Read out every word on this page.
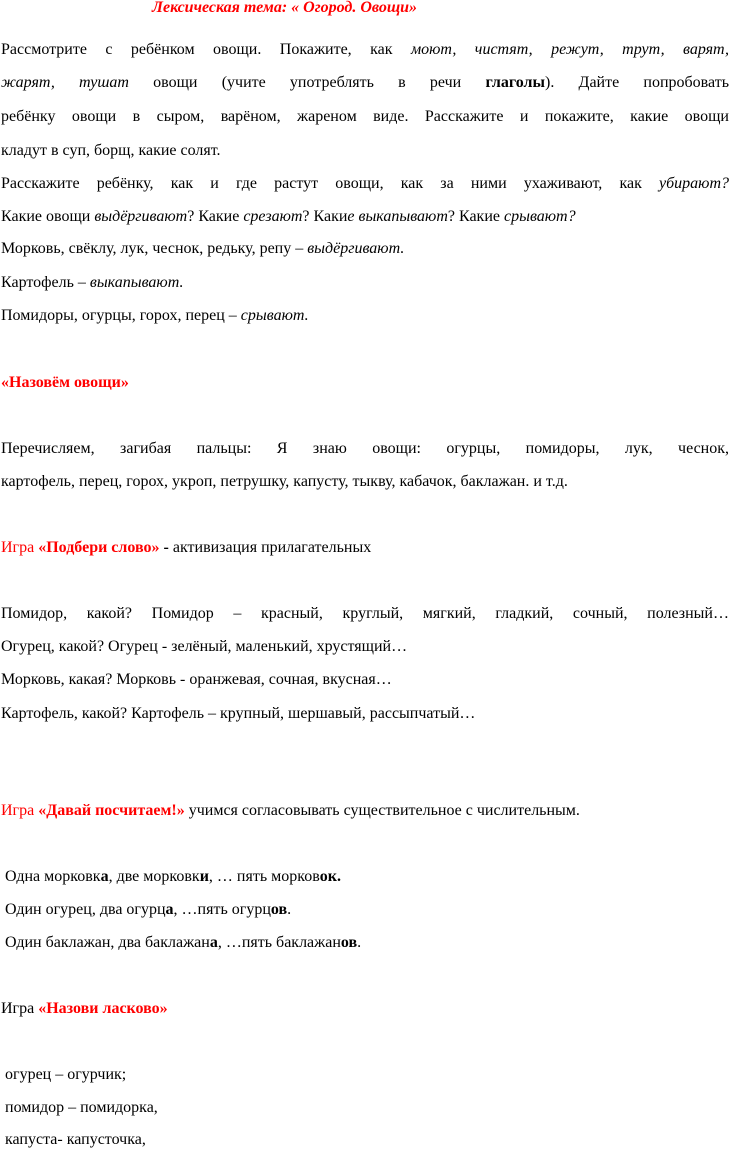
Лексическая тема: « Огород. Овощи»
Рассмотрите с ребёнком овощи. Покажите, как моют, чистят, режут, трут, варят,
жарят, тушат овощи (учите употреблять в речи глаголы). Дайте попробовать
ребёнку овощи в сыром, варёном, жареном виде. Расскажите и покажите, какие овощи
кладут в суп, борщ, какие солят.
Расскажите ребёнку, как и где растут овощи, как за ними ухаживают, как убирают?
Какие овощи выдёргивают? Какие срезают? Какие выкапывают? Какие срывают?
Морковь, свёклу, лук, чеснок, редьку, репу – выдёргивают.
Картофель – выкапывают.
Помидоры, огурцы, горох, перец – срывают.
«Назовём овощи»
Перечисляем, загибая пальцы: Я знаю овощи: огурцы, помидоры, лук, чеснок,
картофель, перец, горох, укроп, петрушку, капусту, тыкву, кабачок, баклажан. и т.д.
Игра «Подбери слово» - активизация прилагательных
Помидор, какой? Помидор – красный, круглый, мягкий, гладкий, сочный, полезный…
Огурец, какой? Огурец - зелёный, маленький, хрустящий…
Морковь, какая? Морковь - оранжевая, сочная, вкусная…
Картофель, какой? Картофель – крупный, шершавый, рассыпчатый…
Игра «Давай посчитаем!» учимся согласовывать существительное с числительным.
Одна морковка, две морковки, … пять морковок.
Один огурец, два огурца, …пять огурцов.
Один баклажан, два баклажана, …пять баклажанов.
Игра «Назови ласково»
огурец – огурчик;
помидор – помидорка,
капуста- капусточка,
